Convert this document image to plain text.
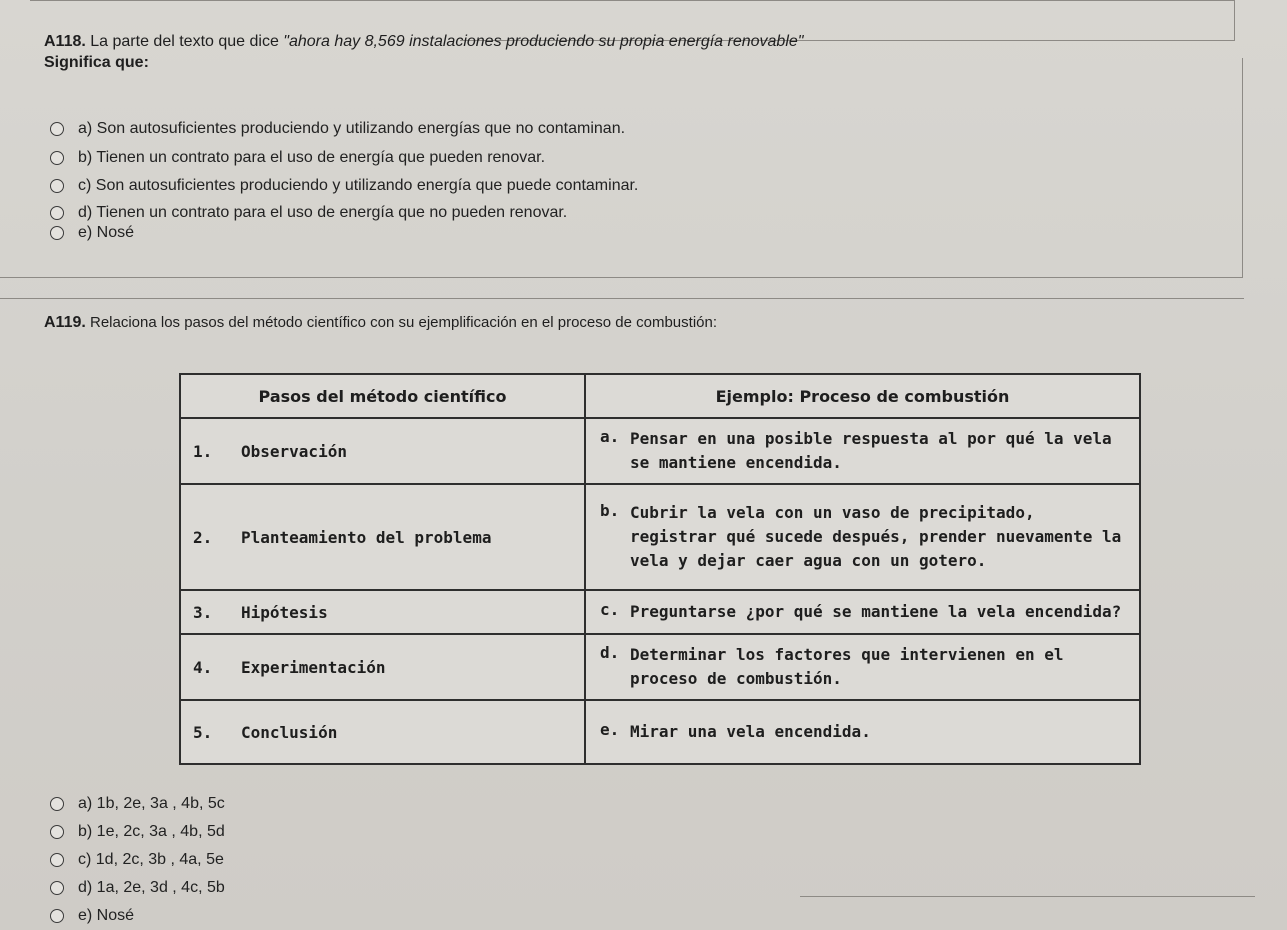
A118. La parte del texto que dice "ahora hay 8,569 instalaciones produciendo su propia energía renovable"
Significa que:
a) Son autosuficientes produciendo y utilizando energías que no contaminan.
b) Tienen un contrato para el uso de energía que pueden renovar.
c) Son autosuficientes produciendo y utilizando energía que puede contaminar.
d) Tienen un contrato para el uso de energía que no pueden renovar.
e) Nosé
A119. Relaciona los pasos del método científico con su ejemplificación en el proceso de combustión:
Pasos del método científico	Ejemplo: Proceso de combustión
1. Observación	a. Pensar en una posible respuesta al por qué la vela se mantiene encendida.

2. Planteamiento del problema	b. Cubrir la vela con un vaso de precipitado, registrar qué sucede después, prender nuevamente la vela y dejar caer agua con un gotero.

3. Hipótesis	c. Preguntarse ¿por qué se mantiene la vela encendida?

4. Experimentación	d. Determinar los factores que intervienen en el proceso de combustión.

5. Conclusión	e. Mirar una vela encendida.
a) 1b, 2e, 3a , 4b, 5c
b) 1e, 2c, 3a , 4b, 5d
c) 1d, 2c, 3b , 4a, 5e
d) 1a, 2e, 3d , 4c, 5b
e) Nosé
